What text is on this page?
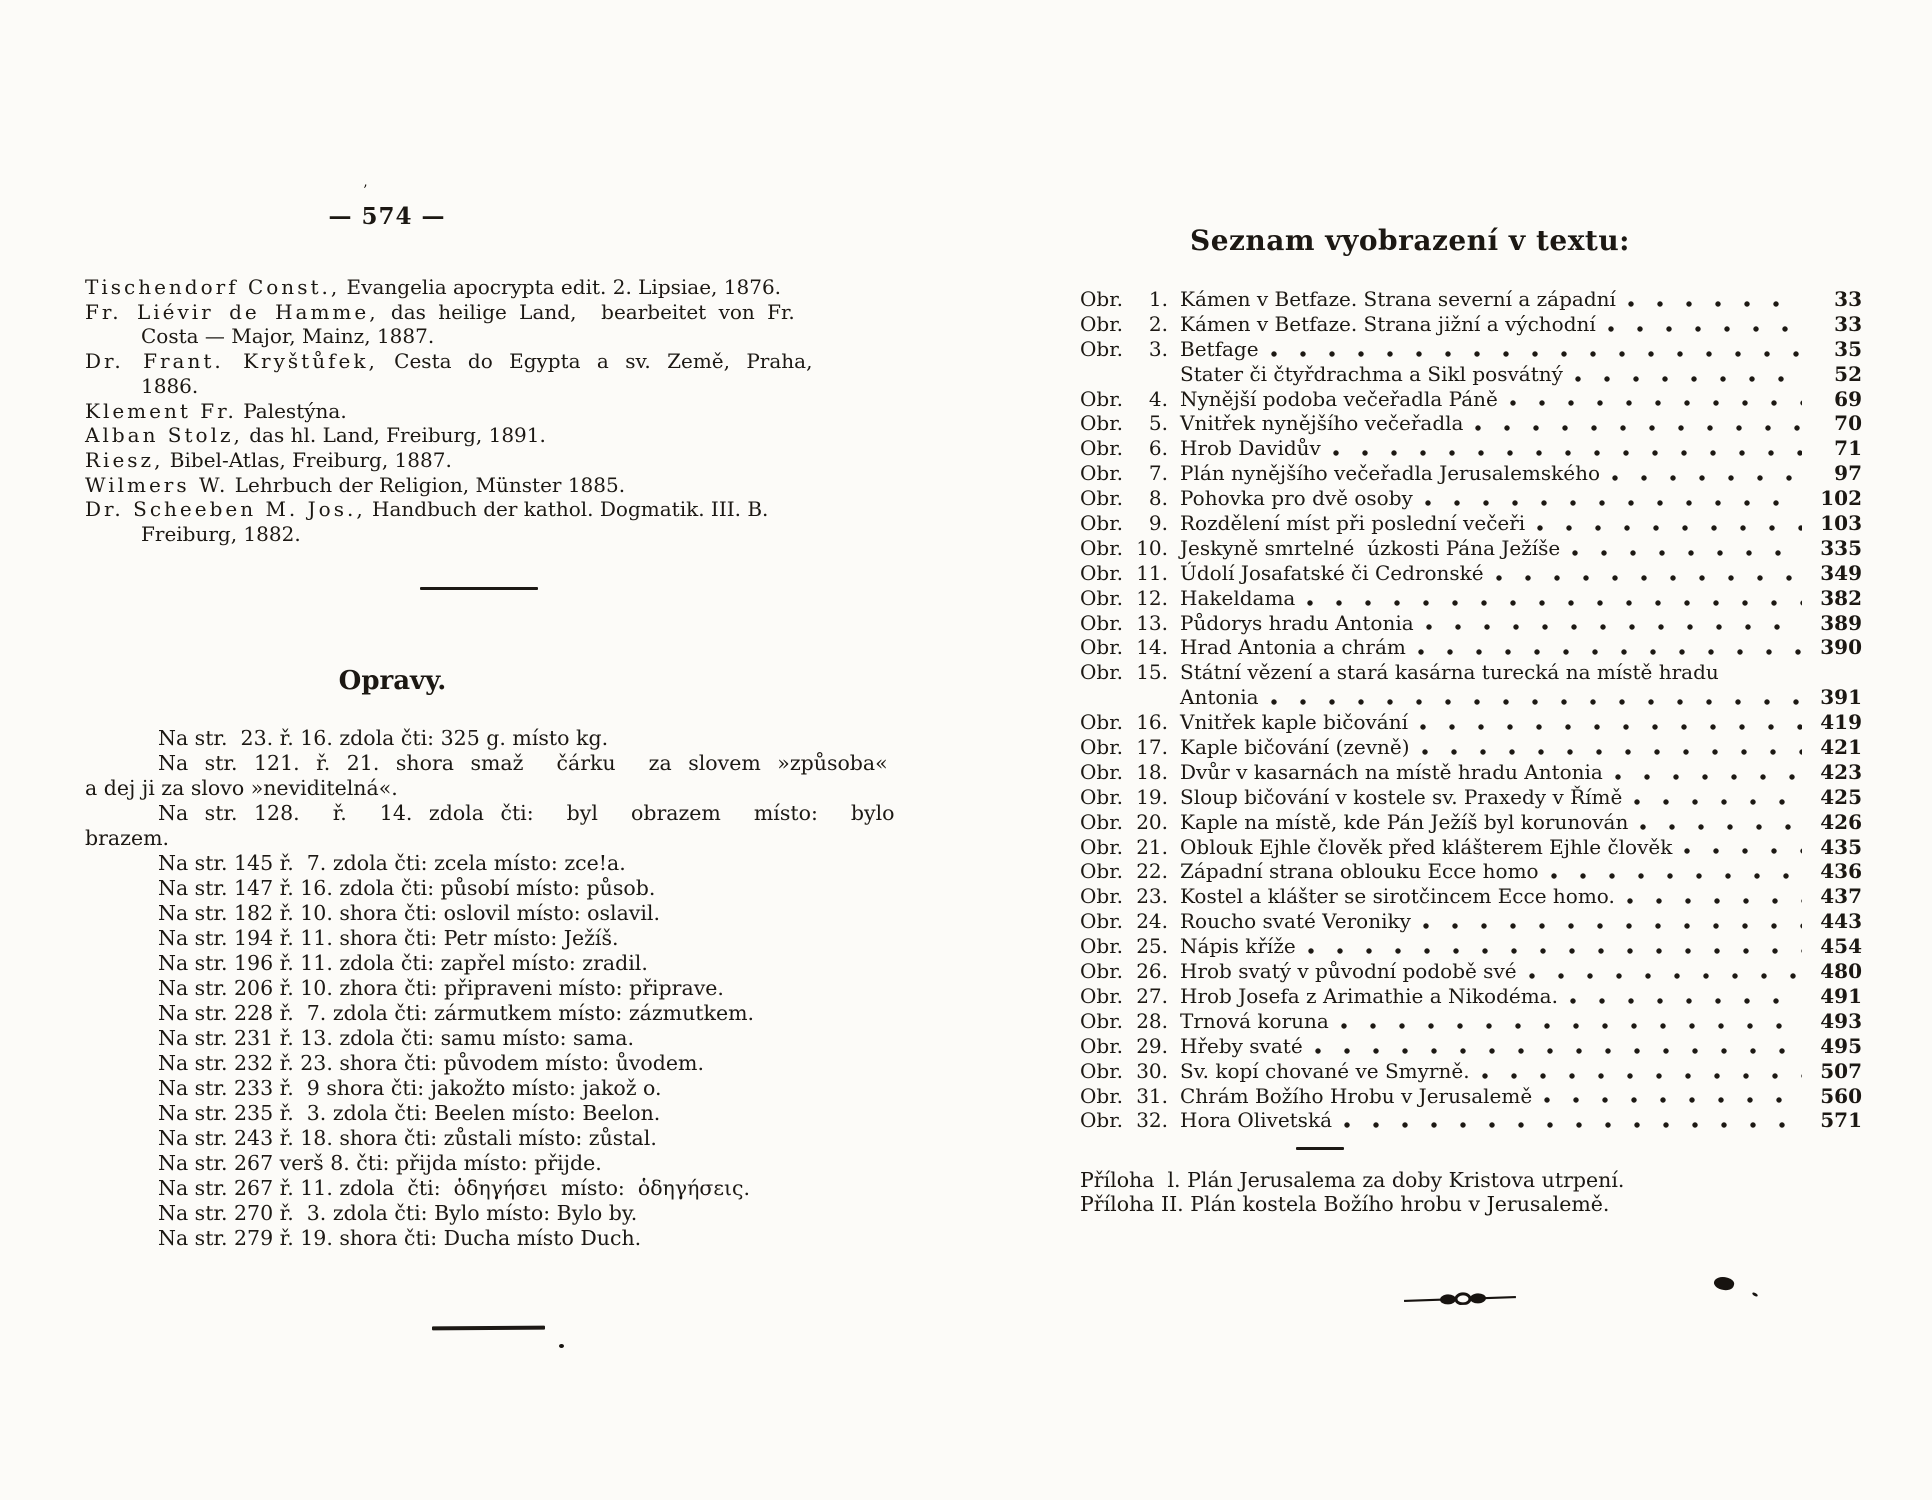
’
— 574 —
Tischendorf Const., Evangelia apocrypta edit. 2. Lipsiae, 1876.
Fr. Liévir de Hamme, das heilige Land,  bearbeitet von Fr.
Costa — Major, Mainz, 1887.
Dr. Frant. Kryštůfek, Cesta do Egypta a sv. Země, Praha,
1886.
Klement Fr. Palestýna.
Alban Stolz, das hl. Land, Freiburg, 1891.
Riesz, Bibel-Atlas, Freiburg, 1887.
Wilmers W. Lehrbuch der Religion, Münster 1885.
Dr. Scheeben M. Jos., Handbuch der kathol. Dogmatik. III. B.
Freiburg, 1882.
Opravy.
Na str.  23. ř. 16. zdola čti: 325 g. místo kg.
Na str. 121. ř. 21. shora smaž  čárku  za slovem »způsoba«
a dej ji za slovo »neviditelná«.
Na str. 128.  ř.  14. zdola čti:  byl  obrazem  místo:  bylo
brazem.
Na str. 145 ř.  7. zdola čti: zcela místo: zce!a.
Na str. 147 ř. 16. zdola čti: působí místo: působ.
Na str. 182 ř. 10. shora čti: oslovil místo: oslavil.
Na str. 194 ř. 11. shora čti: Petr místo: Ježíš.
Na str. 196 ř. 11. zdola čti: zapřel místo: zradil.
Na str. 206 ř. 10. zhora čti: připraveni místo: připrave.
Na str. 228 ř.  7. zdola čti: zármutkem místo: zázmutkem.
Na str. 231 ř. 13. zdola čti: samu místo: sama.
Na str. 232 ř. 23. shora čti: původem místo: ůvodem.
Na str. 233 ř.  9 shora čti: jakožto místo: jakož o.
Na str. 235 ř.  3. zdola čti: Beelen místo: Beelon.
Na str. 243 ř. 18. shora čti: zůstali místo: zůstal.
Na str. 267 verš 8. čti: přijda místo: přijde.
Na str. 267 ř. 11. zdola  čti:  ὁδηγήσει  místo:  ὁδηγήσεις.
Na str. 270 ř.  3. zdola čti: Bylo místo: Bylo by.
Na str. 279 ř. 19. shora čti: Ducha místo Duch.
Seznam vyobrazení v textu:
Obr.	1. Kámen v Betfaze. Strana severní a západní	33
Obr.	2. Kámen v Betfaze. Strana jižní a východní	33
Obr.	3. Betfage	35
Stater či čtyřdrachma a Sikl posvátný	52
Obr.	4. Nynější podoba večeřadla Páně	69
Obr.	5. Vnitřek nynějšího večeřadla	70
Obr.	6. Hrob Davidův	71
Obr.	7. Plán nynějšího večeřadla Jerusalemského	97
Obr.	8. Pohovka pro dvě osoby	102
Obr.	9. Rozdělení míst při poslední večeři	103
Obr. 10. Jeskyně smrtelné  úzkosti Pána Ježíše	335
Obr. 11. Údolí Josafatské či Cedronské	349
Obr. 12. Hakeldama	382
Obr. 13. Půdorys hradu Antonia	389
Obr. 14. Hrad Antonia a chrám	390
Obr. 15. Státní vězení a stará kasárna turecká na místě hradu
Antonia	391
Obr. 16. Vnitřek kaple bičování	419
Obr. 17. Kaple bičování (zevně)	421
Obr. 18. Dvůr v kasarnách na místě hradu Antonia	423
Obr. 19. Sloup bičování v kostele sv. Praxedy v Římě	425
Obr. 20. Kaple na místě, kde Pán Ježíš byl korunován	426
Obr. 21. Oblouk Ejhle člověk před klášterem Ejhle člověk	435
Obr. 22. Západní strana oblouku Ecce homo	436
Obr. 23. Kostel a klášter se sirotčincem Ecce homo.	437
Obr. 24. Roucho svaté Veroniky	443
Obr. 25. Nápis kříže	454
Obr. 26. Hrob svatý v původní podobě své	480
Obr. 27. Hrob Josefa z Arimathie a Nikodéma.	491
Obr. 28. Trnová koruna	493
Obr. 29. Hřeby svaté	495
Obr. 30. Sv. kopí chované ve Smyrně.	507
Obr. 31. Chrám Božího Hrobu v Jerusalemě	560
Obr. 32. Hora Olivetská	571
Příloha  l. Plán Jerusalema za doby Kristova utrpení.
Příloha II. Plán kostela Božího hrobu v Jerusalemě.
